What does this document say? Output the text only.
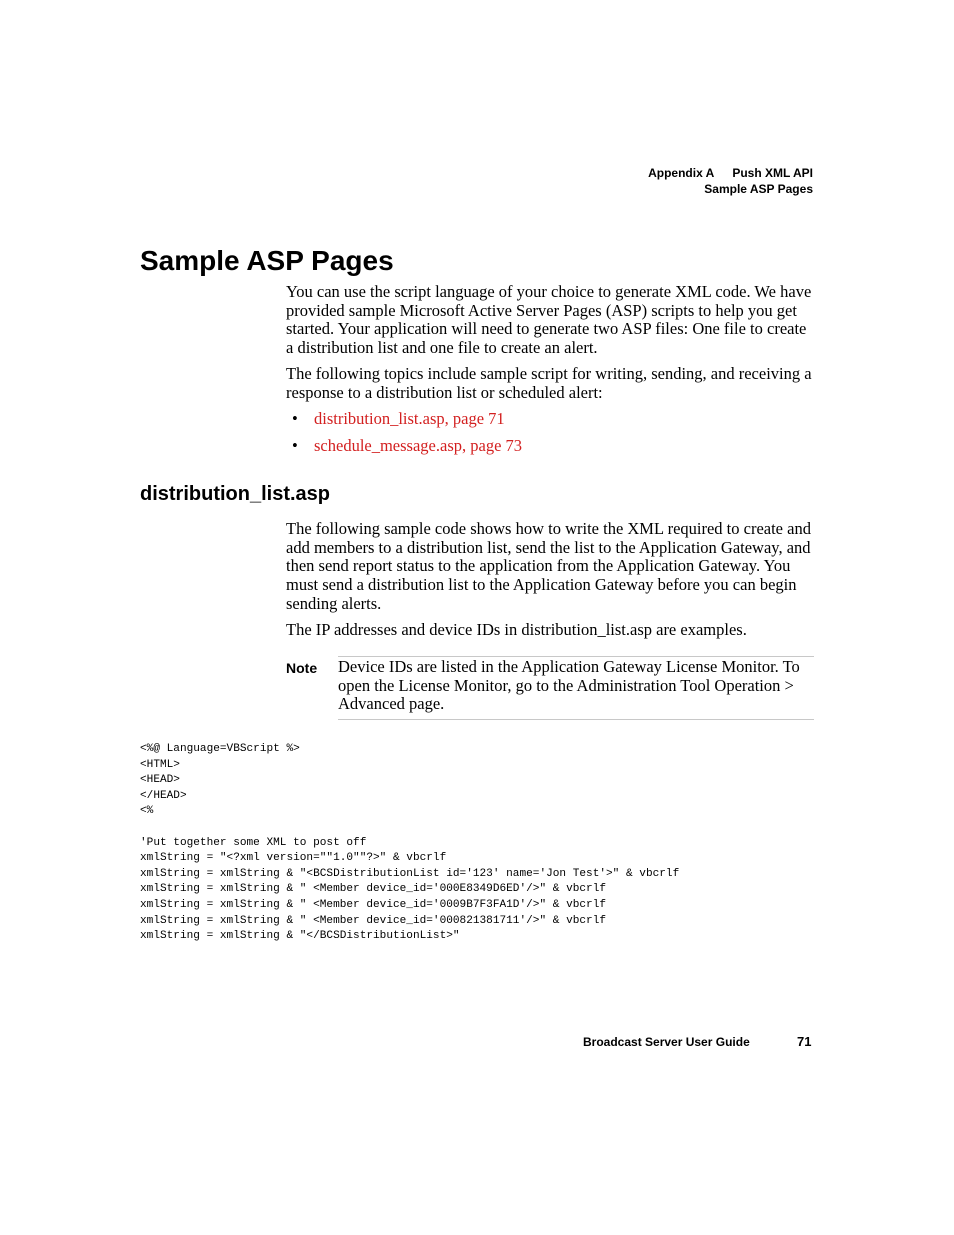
Appendix A Push XML API
Sample ASP Pages
Sample ASP Pages

You can use the script language of your choice to generate XML code. We have provided sample Microsoft Active Server Pages (ASP) scripts to help you get started. Your application will need to generate two ASP files: One file to create a distribution list and one file to create an alert.

The following topics include sample script for writing, sending, and receiving a response to a distribution list or scheduled alert:

• distribution_list.asp, page 71
• schedule_message.asp, page 73
distribution_list.asp

The following sample code shows how to write the XML required to create and add members to a distribution list, send the list to the Application Gateway, and then send report status to the application from the Application Gateway. You must send a distribution list to the Application Gateway before you can begin sending alerts.

The IP addresses and device IDs in distribution_list.asp are examples.

Note Device IDs are listed in the Application Gateway License Monitor. To open the License Monitor, go to the Administration Tool Operation > Advanced page.

<%@ Language=VBScript %>
<HTML>
<HEAD>
</HEAD>
<%

'Put together some XML to post off
xmlString = "<?xml version=""1.0""?>" & vbcrlf
xmlString = xmlString & "<BCSDistributionList id='123' name='Jon Test'>" & vbcrlf
xmlString = xmlString & " <Member device_id='000E8349D6ED'/>" & vbcrlf
xmlString = xmlString & " <Member device_id='0009B7F3FA1D'/>" & vbcrlf
xmlString = xmlString & " <Member device_id='000821381711'/>" & vbcrlf
xmlString = xmlString & "</BCSDistributionList>"
Broadcast Server User Guide	71
